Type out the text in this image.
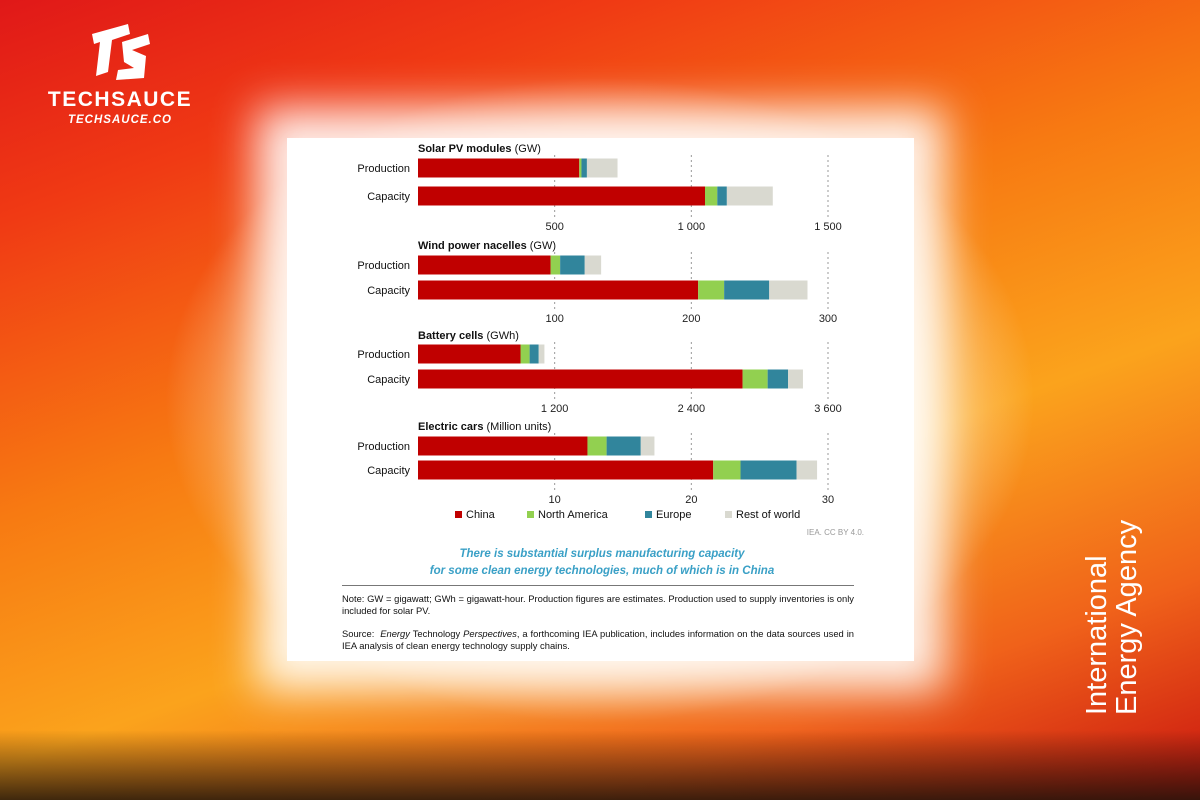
TECHSAUCE
TECHSAUCE.CO
International
Energy Agency
500	1 000	1 500
Solar PV modules (GW)
Production
Capacity
100	200	300
Wind power nacelles (GW)
Production
Capacity
1 200	2 400	3 600
Battery cells (GWh)
Production
Capacity
10	20	30
Electric cars (Million units)
Production
Capacity
China	North America	Europe	Rest of world
IEA. CC BY 4.0.
There is substantial surplus manufacturing capacity
for some clean energy technologies, much of which is in China
Note: GW = gigawatt; GWh = gigawatt-hour. Production figures are estimates. Production used to supply inventories is only included for solar PV.
Source: Energy Technology Perspectives, a forthcoming IEA publication, includes information on the data sources used in IEA analysis of clean energy technology supply chains.
